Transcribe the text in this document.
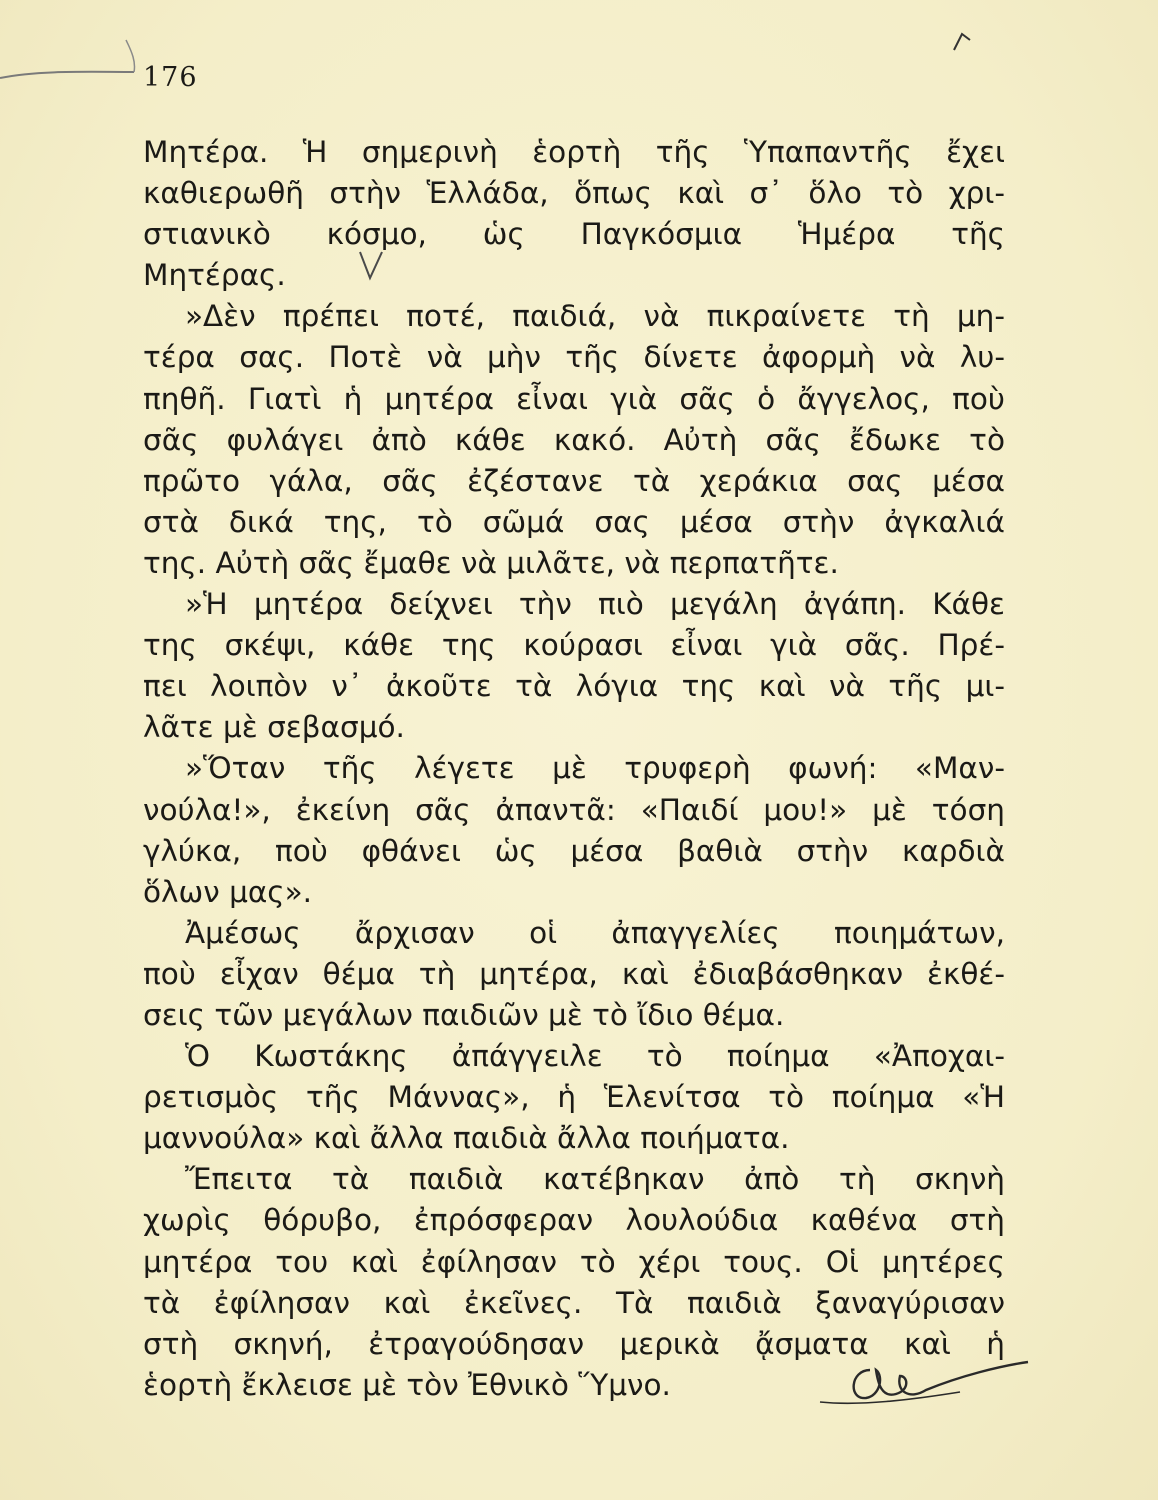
176
Μητέρα. Ἡ σημερινὴ ἑορτὴ τῆς Ὑπαπαντῆς ἔχει
καθιερωθῆ στὴν Ἑλλάδα, ὅπως καὶ σ᾽ ὅλο τὸ χρι-
στιανικὸ κόσμο, ὡς Παγκόσμια Ἡμέρα τῆς
Μητέρας.
»Δὲν πρέπει ποτέ, παιδιά, νὰ πικραίνετε τὴ μη-
τέρα σας. Ποτὲ νὰ μὴν τῆς δίνετε ἀφορμὴ νὰ λυ-
πηθῆ. Γιατὶ ἡ μητέρα εἶναι γιὰ σᾶς ὁ ἄγγελος, ποὺ
σᾶς φυλάγει ἀπὸ κάθε κακό. Αὐτὴ σᾶς ἔδωκε τὸ
πρῶτο γάλα, σᾶς ἐζέστανε τὰ χεράκια σας μέσα
στὰ δικά της, τὸ σῶμά σας μέσα στὴν ἀγκαλιά
της. Αὐτὴ σᾶς ἔμαθε νὰ μιλᾶτε, νὰ περπατῆτε.
»Ἡ μητέρα δείχνει τὴν πιὸ μεγάλη ἀγάπη. Κάθε
της σκέψι, κάθε της κούρασι εἶναι γιὰ σᾶς. Πρέ-
πει λοιπὸν ν᾽ ἀκοῦτε τὰ λόγια της καὶ νὰ τῆς μι-
λᾶτε μὲ σεβασμό.
»Ὅταν τῆς λέγετε μὲ τρυφερὴ φωνή: «Μαν-
νούλα!», ἐκείνη σᾶς ἀπαντᾶ: «Παιδί μου!» μὲ τόση
γλύκα, ποὺ φθάνει ὡς μέσα βαθιὰ στὴν καρδιὰ
ὅλων μας».
Ἀμέσως ἄρχισαν οἱ ἀπαγγελίες ποιημάτων,
ποὺ εἶχαν θέμα τὴ μητέρα, καὶ ἐδιαβάσθηκαν ἐκθέ-
σεις τῶν μεγάλων παιδιῶν μὲ τὸ ἴδιο θέμα.
Ὁ Κωστάκης ἀπάγγειλε τὸ ποίημα «Ἀποχαι-
ρετισμὸς τῆς Μάννας», ἡ Ἑλενίτσα τὸ ποίημα «Ἡ
μαννούλα» καὶ ἄλλα παιδιὰ ἄλλα ποιήματα.
Ἔπειτα τὰ παιδιὰ κατέβηκαν ἀπὸ τὴ σκηνὴ
χωρὶς θόρυβο, ἐπρόσφεραν λουλούδια καθένα στὴ
μητέρα του καὶ ἐφίλησαν τὸ χέρι τους. Οἱ μητέρες
τὰ ἐφίλησαν καὶ ἐκεῖνες. Τὰ παιδιὰ ξαναγύρισαν
στὴ σκηνή, ἐτραγούδησαν μερικὰ ᾄσματα καὶ ἡ
ἑορτὴ ἔκλεισε μὲ τὸν Ἐθνικὸ Ὕμνο.
